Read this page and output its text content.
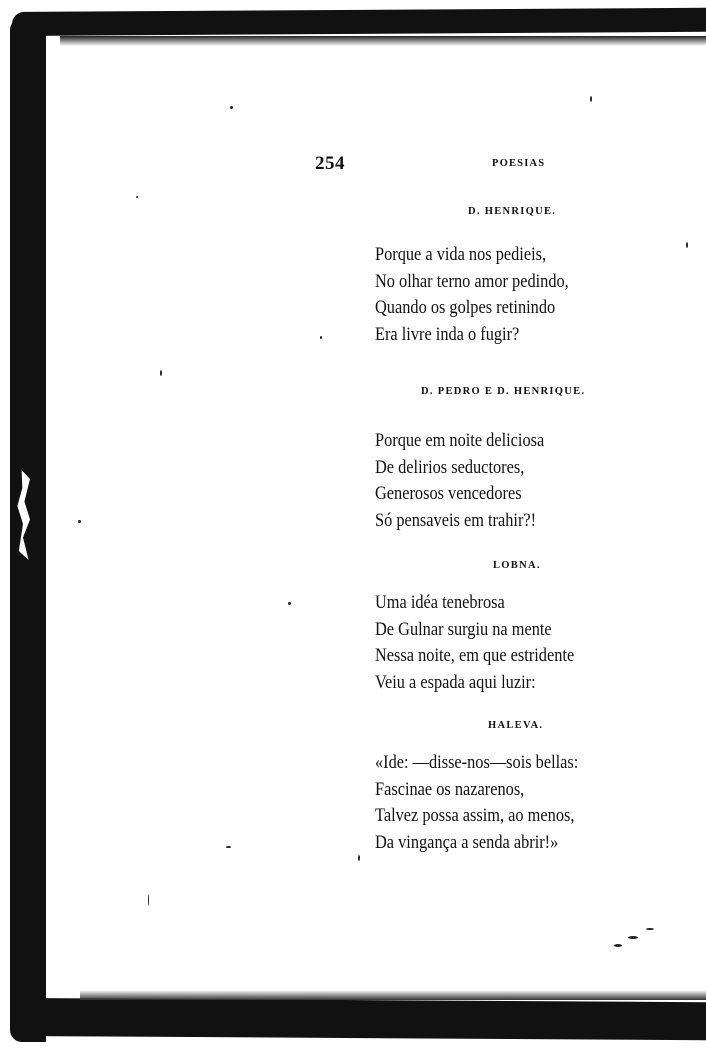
254	POESIAS
D. HENRIQUE.
Porque a vida nos pedieis,
No olhar terno amor pedindo,
Quando os golpes retinindo
Era livre inda o fugir?
D. PEDRO E D. HENRIQUE.
Porque em noite deliciosa
De delirios seductores,
Generosos vencedores
Só pensaveis em trahir?!
LOBNA.
Uma idéa tenebrosa
De Gulnar surgiu na mente
Nessa noite, em que estridente
Veiu a espada aqui luzir:
HALEVA.
«Ide: —disse-nos—sois bellas:
Fascinae os nazarenos,
Talvez possa assim, ao menos,
Da vingança a senda abrir!»
